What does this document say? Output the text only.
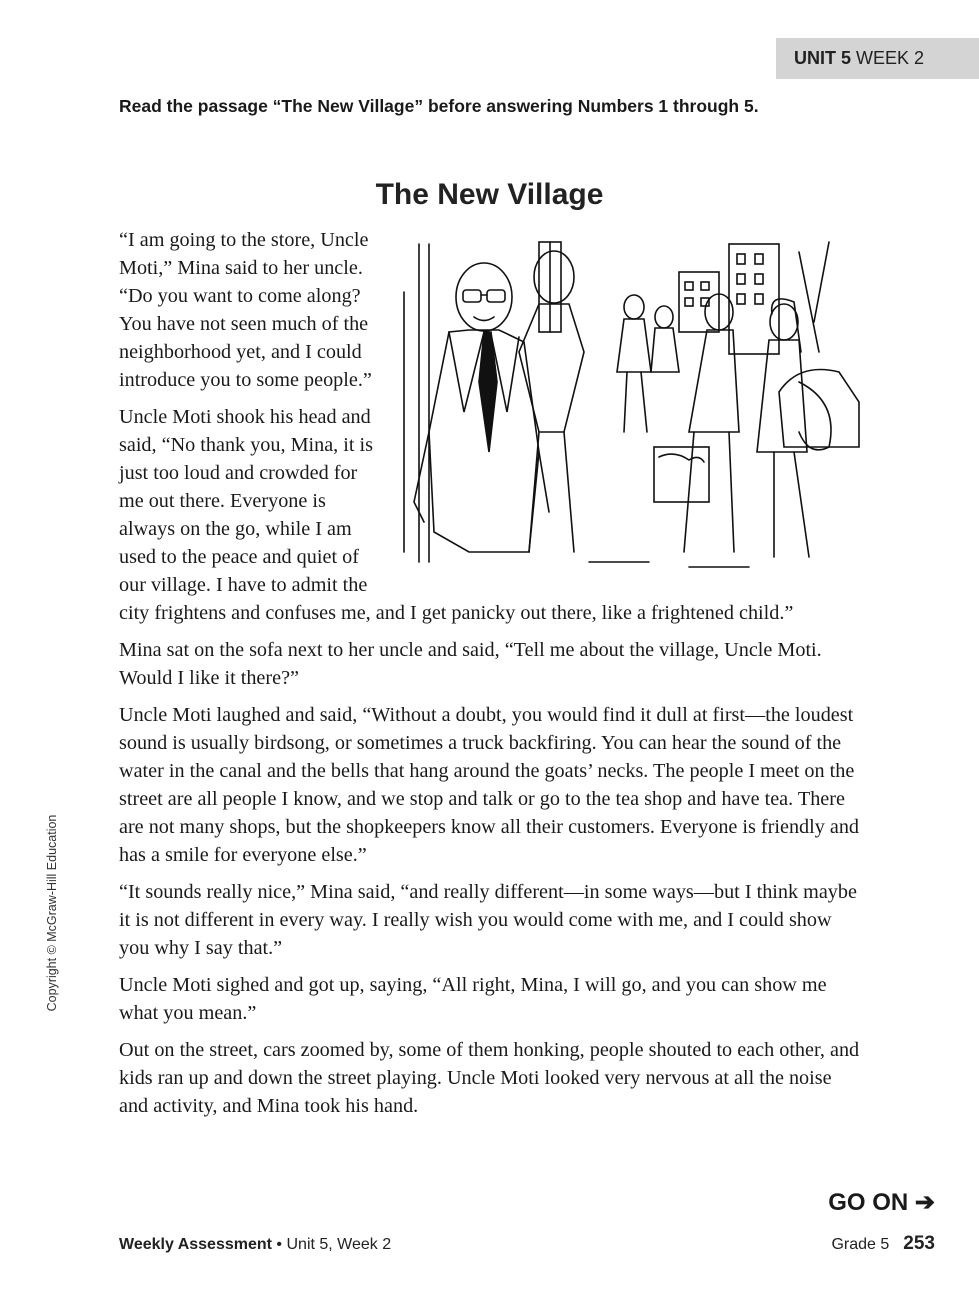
UNIT 5 WEEK 2
Read the passage “The New Village” before answering Numbers 1 through 5.
The New Village

“I am going to the store, Uncle Moti,” Mina said to her uncle. “Do you want to come along? You have not seen much of the neighborhood yet, and I could introduce you to some people.”

Uncle Moti shook his head and said, “No thank you, Mina, it is just too loud and crowded for me out there. Everyone is always on the go, while I am used to the peace and quiet of our village. I have to admit the city frightens and confuses me, and I get panicky out there, like a frightened child.”

Mina sat on the sofa next to her uncle and said, “Tell me about the village, Uncle Moti. Would I like it there?”

Uncle Moti laughed and said, “Without a doubt, you would find it dull at first—the loudest sound is usually birdsong, or sometimes a truck backfiring. You can hear the sound of the water in the canal and the bells that hang around the goats’ necks. The people I meet on the street are all people I know, and we stop and talk or go to the tea shop and have tea. There are not many shops, but the shopkeepers know all their customers. Everyone is friendly and has a smile for everyone else.”

“It sounds really nice,” Mina said, “and really different—in some ways—but I think maybe it is not different in every way. I really wish you would come with me, and I could show you why I say that.”

Uncle Moti sighed and got up, saying, “All right, Mina, I will go, and you can show me what you mean.”

Out on the street, cars zoomed by, some of them honking, people shouted to each other, and kids ran up and down the street playing. Uncle Moti looked very nervous at all the noise and activity, and Mina took his hand.

Copyright © McGraw-Hill Education
GO ON ➔
Weekly Assessment • Unit 5, Week 2	Grade 5 253
